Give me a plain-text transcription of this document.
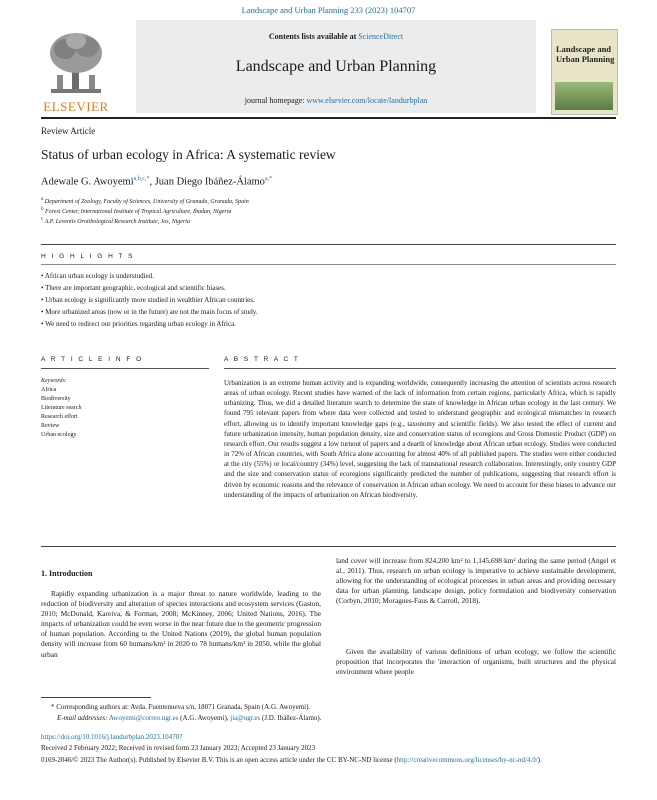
Landscape and Urban Planning 233 (2023) 104707
ELSEVIER
Contents lists available at ScienceDirect
Landscape and Urban Planning
journal homepage: www.elsevier.com/locate/landurbplan
Landscape and Urban Planning
Review Article
Status of urban ecology in Africa: A systematic review
Adewale G. Awoyemi$^{a,b,c,*}$, Juan Diego Ibáñez-Álamo$^{a,*}$
$^a$ Department of Zoology, Faculty of Sciences, University of Granada, Granada, Spain
$^b$ Forest Center, International Institute of Tropical Agriculture, Ibadan, Nigeria
$^c$ A.P. Leventis Ornithological Research Institute, Jos, Nigeria
H I G H L I G H T S
• African urban ecology is understudied.
• There are important geographic, ecological and scientific biases.
• Urban ecology is significantly more studied in wealthier African countries.
• More urbanized areas (now or in the future) are not the main focus of study.
• We need to redirect our priorities regarding urban ecology in Africa.
A R T I C L E I N F O
Keywords:
Africa
Biodiversity
Literature search
Research effort
Review
Urban ecology
A B S T R A C T
Urbanization is an extreme human activity and is expanding worldwide, consequently increasing the attention of scientists across research areas of urban ecology. Recent studies have warned of the lack of information from certain regions, particularly Africa, which is rapidly urbanizing. Thus, we did a detailed literature search to determine the state of knowledge in African urban ecology in the last century. We found 795 relevant papers from where data were collected and tested to understand geographic and ecological mismatches in research effort, allowing us to identify important knowledge gaps (e.g., taxonomy and scientific fields). We also tested the effect of current and future urbanization intensity, human population density, size and conservation status of ecoregions and Gross Domestic Product (GDP) on research effort. Our results suggest a low turnout of papers and a dearth of knowledge about African urban ecology. Studies were conducted in 72% of African countries, with South Africa alone accounting for almost 40% of all published papers. The studies were either conducted at the city (55%) or local/country (34%) level, suggesting the lack of transnational research collaboration. Interestingly, only country GDP and the size and conservation status of ecoregions significantly predicted the number of publications, suggesting that research effort is driven by economic reasons and the relevance of conservation in African urban ecology. We need to account for these biases to advance our understanding of the impacts of urbanization on African biodiversity.
1. Introduction
Rapidly expanding urbanization is a major threat to nature worldwide, leading to the reduction of biodiversity and alteration of species interactions and ecosystem services (Gaston, 2010; McDonald, Kareiva, & Forman, 2008; McKinney, 2006; United Nations, 2016). The impacts of urbanization could be even worse in the near future due to the geometric progression of human population. According to the United Nations (2019), the global human population density will increase from 60 humans/km² in 2020 to 78 humans/km² in 2050, while the global urban
land cover will increase from 824,200 km² to 1,145,698 km² during the same period (Angel et al., 2011). Thus, research on urban ecology is imperative to achieve sustainable development, allowing for the understanding of ecological processes in urban areas and providing necessary data for urban planning, landscape design, policy formulation and biodiversity conservation (Corbyn, 2010; Moragues-Faus & Carroll, 2018).
Given the availability of various definitions of urban ecology, we follow the scientific proposition that incorporates the 'interaction of organisms, built structures and the physical environment where people
* Corresponding authors at: Avda. Fuentenueva s/n, 18071 Granada, Spain (A.G. Awoyemi).
E-mail addresses: Awoyemi@correo.ugr.es (A.G. Awoyemi), jia@ugr.es (J.D. Ibáñez-Álamo).
https://doi.org/10.1016/j.landurbplan.2023.104707
Received 2 February 2022; Received in revised form 23 January 2023; Accepted 23 January 2023
0169-2046/© 2023 The Author(s). Published by Elsevier B.V. This is an open access article under the CC BY-NC-ND license (http://creativecommons.org/licenses/by-nc-nd/4.0/).
